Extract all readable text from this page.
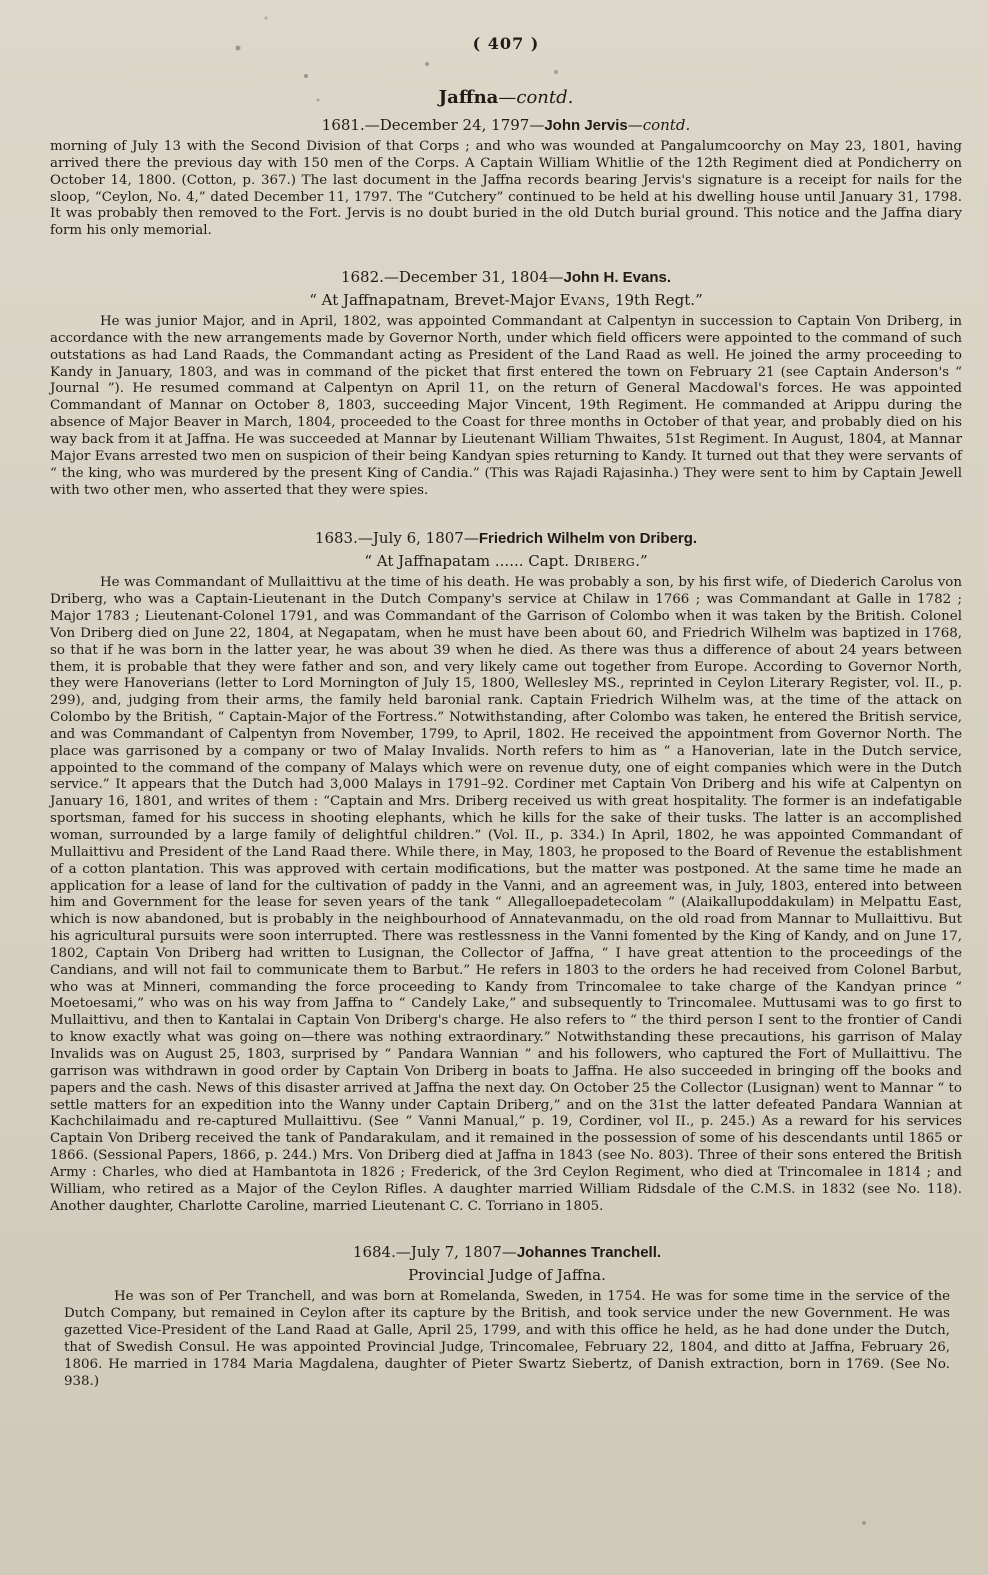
( 407 )
Jaffna—contd.
1681.—December 24, 1797—John Jervis—contd.

morning of July 13 with the Second Division of that Corps ; and who was wounded at Pangalumcoorchy on May 23, 1801, having arrived there the previous day with 150 men of the Corps. A Captain William Whitlie of the 12th Regiment died at Pondicherry on October 14, 1800. (Cotton, p. 367.) The last document in the Jaffna records bearing Jervis's signature is a receipt for nails for the sloop, “Ceylon, No. 4,” dated December 11, 1797. The “Cutchery” continued to be held at his dwelling house until January 31, 1798. It was probably then removed to the Fort. Jervis is no doubt buried in the old Dutch burial ground. This notice and the Jaffna diary form his only memorial.

1682.—December 31, 1804—John H. Evans.
“ At Jaffnapatnam, Brevet-Major Evans, 19th Regt.”

He was junior Major, and in April, 1802, was appointed Commandant at Calpentyn in succession to Captain Von Driberg, in accordance with the new arrangements made by Governor North, under which field officers were appointed to the command of such outstations as had Land Raads, the Commandant acting as President of the Land Raad as well. He joined the army proceeding to Kandy in January, 1803, and was in command of the picket that first entered the town on February 21 (see Captain Anderson's “ Journal ”). He resumed command at Calpentyn on April 11, on the return of General Macdowal's forces. He was appointed Commandant of Mannar on October 8, 1803, succeeding Major Vincent, 19th Regiment. He commanded at Arippu during the absence of Major Beaver in March, 1804, proceeded to the Coast for three months in October of that year, and probably died on his way back from it at Jaffna. He was succeeded at Mannar by Lieutenant William Thwaites, 51st Regiment. In August, 1804, at Mannar Major Evans arrested two men on suspicion of their being Kandyan spies returning to Kandy. It turned out that they were servants of “ the king, who was murdered by the present King of Candia.” (This was Rajadi Rajasinha.) They were sent to him by Captain Jewell with two other men, who asserted that they were spies.

1683.—July 6, 1807—Friedrich Wilhelm von Driberg.
“ At Jaffnapatam ...... Capt. Driberg.”

He was Commandant of Mullaittivu at the time of his death. He was probably a son, by his first wife, of Diederich Carolus von Driberg, who was a Captain-Lieutenant in the Dutch Company's service at Chilaw in 1766 ; was Commandant at Galle in 1782 ; Major 1783 ; Lieutenant-Colonel 1791, and was Commandant of the Garrison of Colombo when it was taken by the British. Colonel Von Driberg died on June 22, 1804, at Negapatam, when he must have been about 60, and Friedrich Wilhelm was baptized in 1768, so that if he was born in the latter year, he was about 39 when he died. As there was thus a difference of about 24 years between them, it is probable that they were father and son, and very likely came out together from Europe. According to Governor North, they were Hanoverians (letter to Lord Mornington of July 15, 1800, Wellesley MS., reprinted in Ceylon Literary Register, vol. II., p. 299), and, judging from their arms, the family held baronial rank. Captain Friedrich Wilhelm was, at the time of the attack on Colombo by the British, “ Captain-Major of the Fortress.” Notwithstanding, after Colombo was taken, he entered the British service, and was Commandant of Calpentyn from November, 1799, to April, 1802. He received the appointment from Governor North. The place was garrisoned by a company or two of Malay Invalids. North refers to him as “ a Hanoverian, late in the Dutch service, appointed to the command of the company of Malays which were on revenue duty, one of eight companies which were in the Dutch service.” It appears that the Dutch had 3,000 Malays in 1791–92. Cordiner met Captain Von Driberg and his wife at Calpentyn on January 16, 1801, and writes of them : “Captain and Mrs. Driberg received us with great hospitality. The former is an indefatigable sportsman, famed for his success in shooting elephants, which he kills for the sake of their tusks. The latter is an accomplished woman, surrounded by a large family of delightful children.” (Vol. II., p. 334.) In April, 1802, he was appointed Commandant of Mullaittivu and President of the Land Raad there. While there, in May, 1803, he proposed to the Board of Revenue the establishment of a cotton plantation. This was approved with certain modifications, but the matter was postponed. At the same time he made an application for a lease of land for the cultivation of paddy in the Vanni, and an agreement was, in July, 1803, entered into between him and Government for the lease for seven years of the tank “ Allegalloepadetecolam ” (Alaikallupoddakulam) in Melpattu East, which is now abandoned, but is probably in the neighbourhood of Annatevanmadu, on the old road from Mannar to Mullaittivu. But his agricultural pursuits were soon interrupted. There was restlessness in the Vanni fomented by the King of Kandy, and on June 17, 1802, Captain Von Driberg had written to Lusignan, the Collector of Jaffna, “ I have great attention to the proceedings of the Candians, and will not fail to communicate them to Barbut.” He refers in 1803 to the orders he had received from Colonel Barbut, who was at Minneri, commanding the force proceeding to Kandy from Trincomalee to take charge of the Kandyan prince “ Moetoesami,” who was on his way from Jaffna to “ Candely Lake,” and subsequently to Trincomalee. Muttusami was to go first to Mullaittivu, and then to Kantalai in Captain Von Driberg's charge. He also refers to “ the third person I sent to the frontier of Candi to know exactly what was going on—there was nothing extraordinary.” Notwithstanding these precautions, his garrison of Malay Invalids was on August 25, 1803, surprised by “ Pandara Wannian ” and his followers, who captured the Fort of Mullaittivu. The garrison was withdrawn in good order by Captain Von Driberg in boats to Jaffna. He also succeeded in bringing off the books and papers and the cash. News of this disaster arrived at Jaffna the next day. On October 25 the Collector (Lusignan) went to Mannar “ to settle matters for an expedition into the Wanny under Captain Driberg,” and on the 31st the latter defeated Pandara Wannian at Kachchilaimadu and re-captured Mullaittivu. (See “ Vanni Manual,” p. 19, Cordiner, vol II., p. 245.) As a reward for his services Captain Von Driberg received the tank of Pandarakulam, and it remained in the possession of some of his descendants until 1865 or 1866. (Sessional Papers, 1866, p. 244.) Mrs. Von Driberg died at Jaffna in 1843 (see No. 803). Three of their sons entered the British Army : Charles, who died at Hambantota in 1826 ; Frederick, of the 3rd Ceylon Regiment, who died at Trincomalee in 1814 ; and William, who retired as a Major of the Ceylon Rifles. A daughter married William Ridsdale of the C.M.S. in 1832 (see No. 118). Another daughter, Charlotte Caroline, married Lieutenant C. C. Torriano in 1805.

1684.—July 7, 1807—Johannes Tranchell.
Provincial Judge of Jaffna.

He was son of Per Tranchell, and was born at Romelanda, Sweden, in 1754. He was for some time in the service of the Dutch Company, but remained in Ceylon after its capture by the British, and took service under the new Government. He was gazetted Vice-President of the Land Raad at Galle, April 25, 1799, and with this office he held, as he had done under the Dutch, that of Swedish Consul. He was appointed Provincial Judge, Trincomalee, February 22, 1804, and ditto at Jaffna, February 26, 1806. He married in 1784 Maria Magdalena, daughter of Pieter Swartz Siebertz, of Danish extraction, born in 1769. (See No. 938.)
